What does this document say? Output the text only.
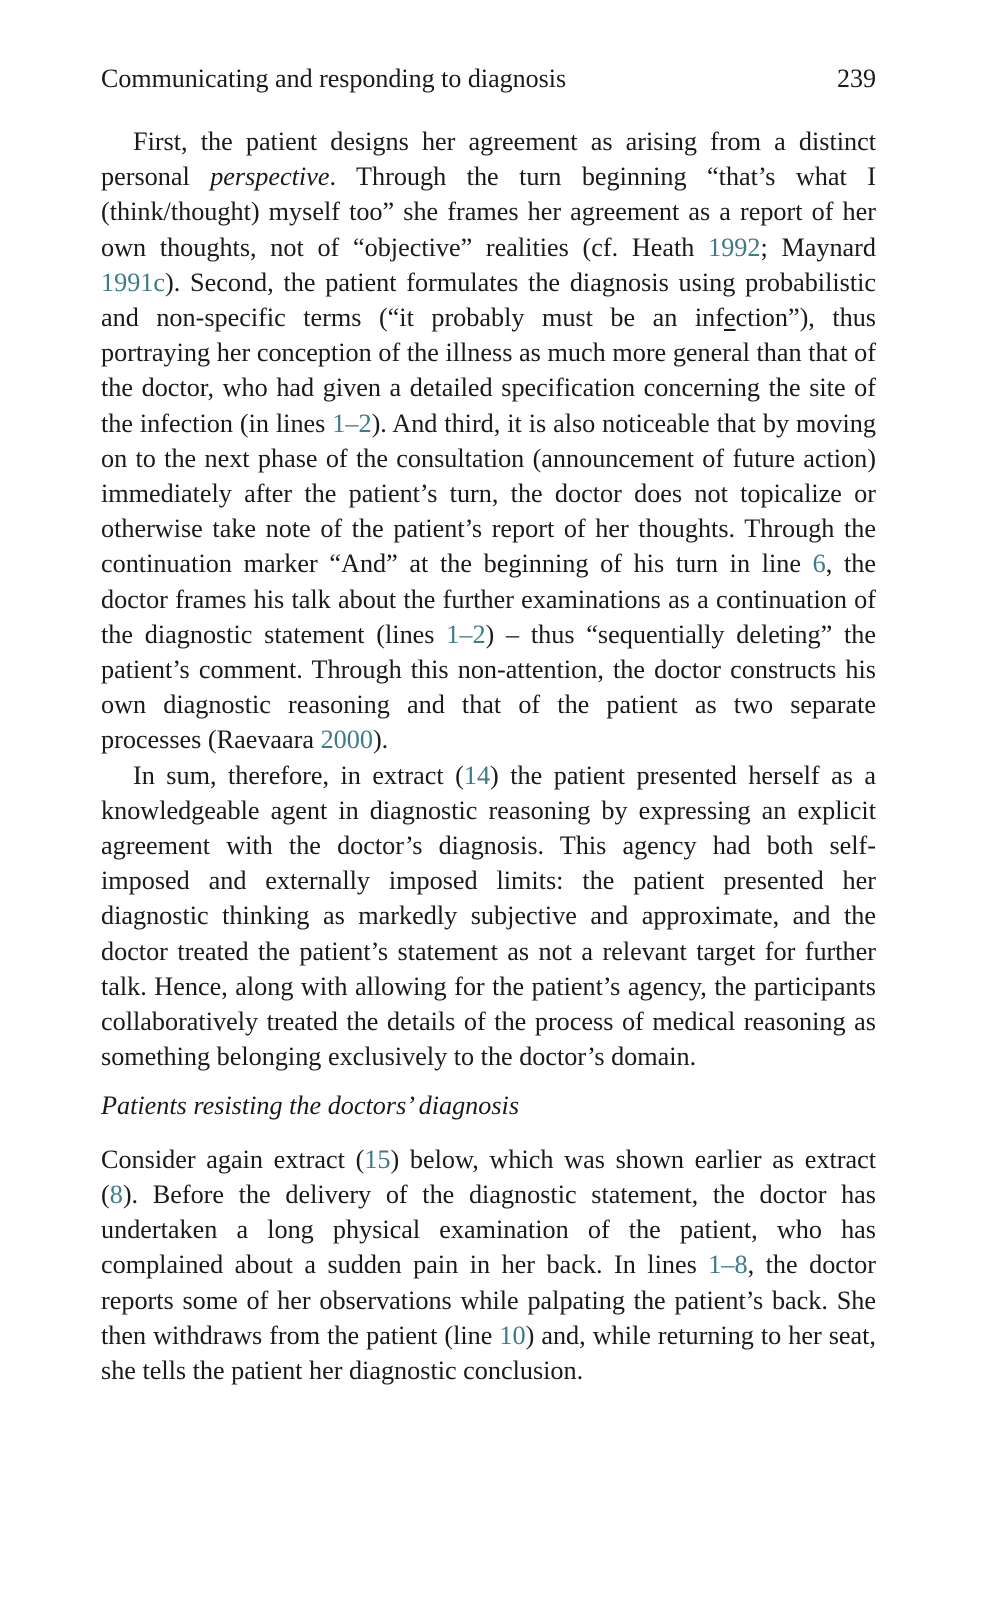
Communicating and responding to diagnosis	239

First, the patient designs her agreement as arising from a distinct personal perspective. Through the turn beginning “that’s what I (think/thought) myself too” she frames her agreement as a report of her own thoughts, not of “objective” realities (cf. Heath 1992; Maynard 1991c). Second, the patient formulates the diagnosis using probabilistic and non-specific terms (“it probably must be an infection”), thus portraying her conception of the illness as much more general than that of the doctor, who had given a detailed specification concerning the site of the infection (in lines 1–2). And third, it is also noticeable that by moving on to the next phase of the consultation (announcement of future action) immediately after the patient’s turn, the doctor does not topicalize or otherwise take note of the patient’s report of her thoughts. Through the continuation marker “And” at the beginning of his turn in line 6, the doctor frames his talk about the further examinations as a continuation of the diagnostic statement (lines 1–2) – thus “sequentially deleting” the patient’s comment. Through this non-attention, the doctor constructs his own diagnostic reasoning and that of the patient as two separate processes (Raevaara 2000).

In sum, therefore, in extract (14) the patient presented herself as a knowledgeable agent in diagnostic reasoning by expressing an explicit agreement with the doctor’s diagnosis. This agency had both self-imposed and externally imposed limits: the patient presented her diagnostic thinking as markedly subjective and approximate, and the doctor treated the patient’s statement as not a relevant target for further talk. Hence, along with allowing for the patient’s agency, the participants collaboratively treated the details of the process of medical reasoning as something belonging exclusively to the doctor’s domain.

Patients resisting the doctors’ diagnosis

Consider again extract (15) below, which was shown earlier as extract (8). Before the delivery of the diagnostic statement, the doctor has undertaken a long physical examination of the patient, who has complained about a sudden pain in her back. In lines 1–8, the doctor reports some of her observations while palpating the patient’s back. She then withdraws from the patient (line 10) and, while returning to her seat, she tells the patient her diagnostic conclusion.
